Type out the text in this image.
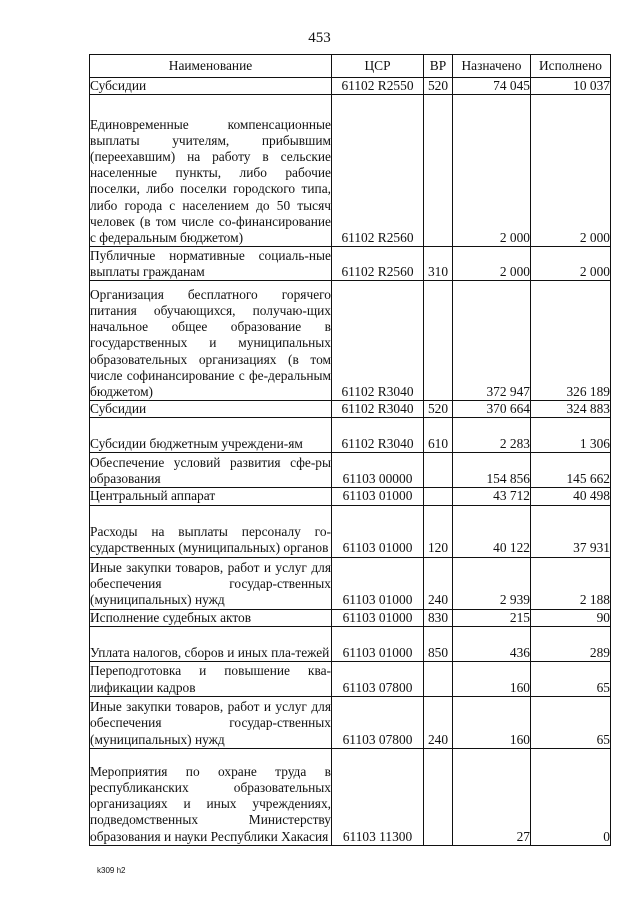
453
Наименование	ЦСР	ВР	Назначено	Исполнено
Субсидии	61102 R2550	520	74 045	10 037
Единовременные компенсационные выплаты учителям, прибывшим (переехавшим) на работу в сельские населенные пункты, либо рабочие поселки, либо поселки городского типа, либо города с населением до 50 тысяч человек (в том числе со-финансирование с федеральным бюджетом)	61102 R2560		2 000	2 000
Публичные нормативные социаль-ные выплаты гражданам	61102 R2560	310	2 000	2 000
Организация бесплатного горячего питания обучающихся, получаю-щих начальное общее образование в государственных и муниципальных образовательных организациях (в том числе софинансирование с фе-деральным бюджетом)	61102 R3040		372 947	326 189
Субсидии	61102 R3040	520	370 664	324 883
Субсидии бюджетным учреждени-ям	61102 R3040	610	2 283	1 306
Обеспечение условий развития сфе-ры образования	61103 00000		154 856	145 662
Центральный аппарат	61103 01000		43 712	40 498
Расходы на выплаты персоналу го-сударственных (муниципальных) органов	61103 01000	120	40 122	37 931
Иные закупки товаров, работ и услуг для обеспечения государ-ственных (муниципальных) нужд	61103 01000	240	2 939	2 188
Исполнение судебных актов	61103 01000	830	215	90
Уплата налогов, сборов и иных пла-тежей	61103 01000	850	436	289
Переподготовка и повышение ква-лификации кадров	61103 07800		160	65
Иные закупки товаров, работ и услуг для обеспечения государ-ственных (муниципальных) нужд	61103 07800	240	160	65
Мероприятия по охране труда в республиканских образовательных организациях и иных учреждениях, подведомственных Министерству образования и науки Республики Хакасия	61103 11300		27	0
k309 h2
